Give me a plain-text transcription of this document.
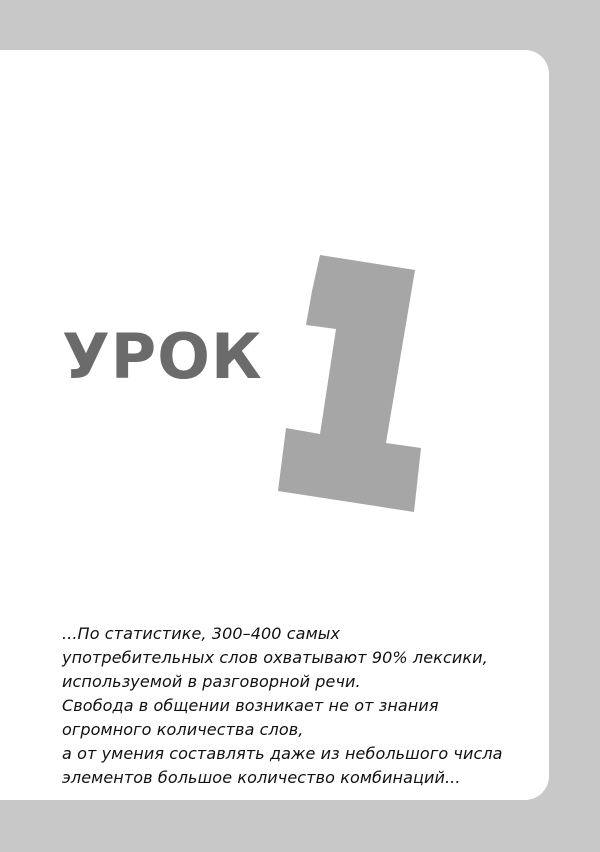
УРОК
...По статистике, 300–400 самых
употребительных слов охватывают 90% лексики,
используемой в разговорной речи.
Свобода в общении возникает не от знания
огромного количества слов,
а от умения составлять даже из небольшого числа
элементов большое количество комбинаций...
